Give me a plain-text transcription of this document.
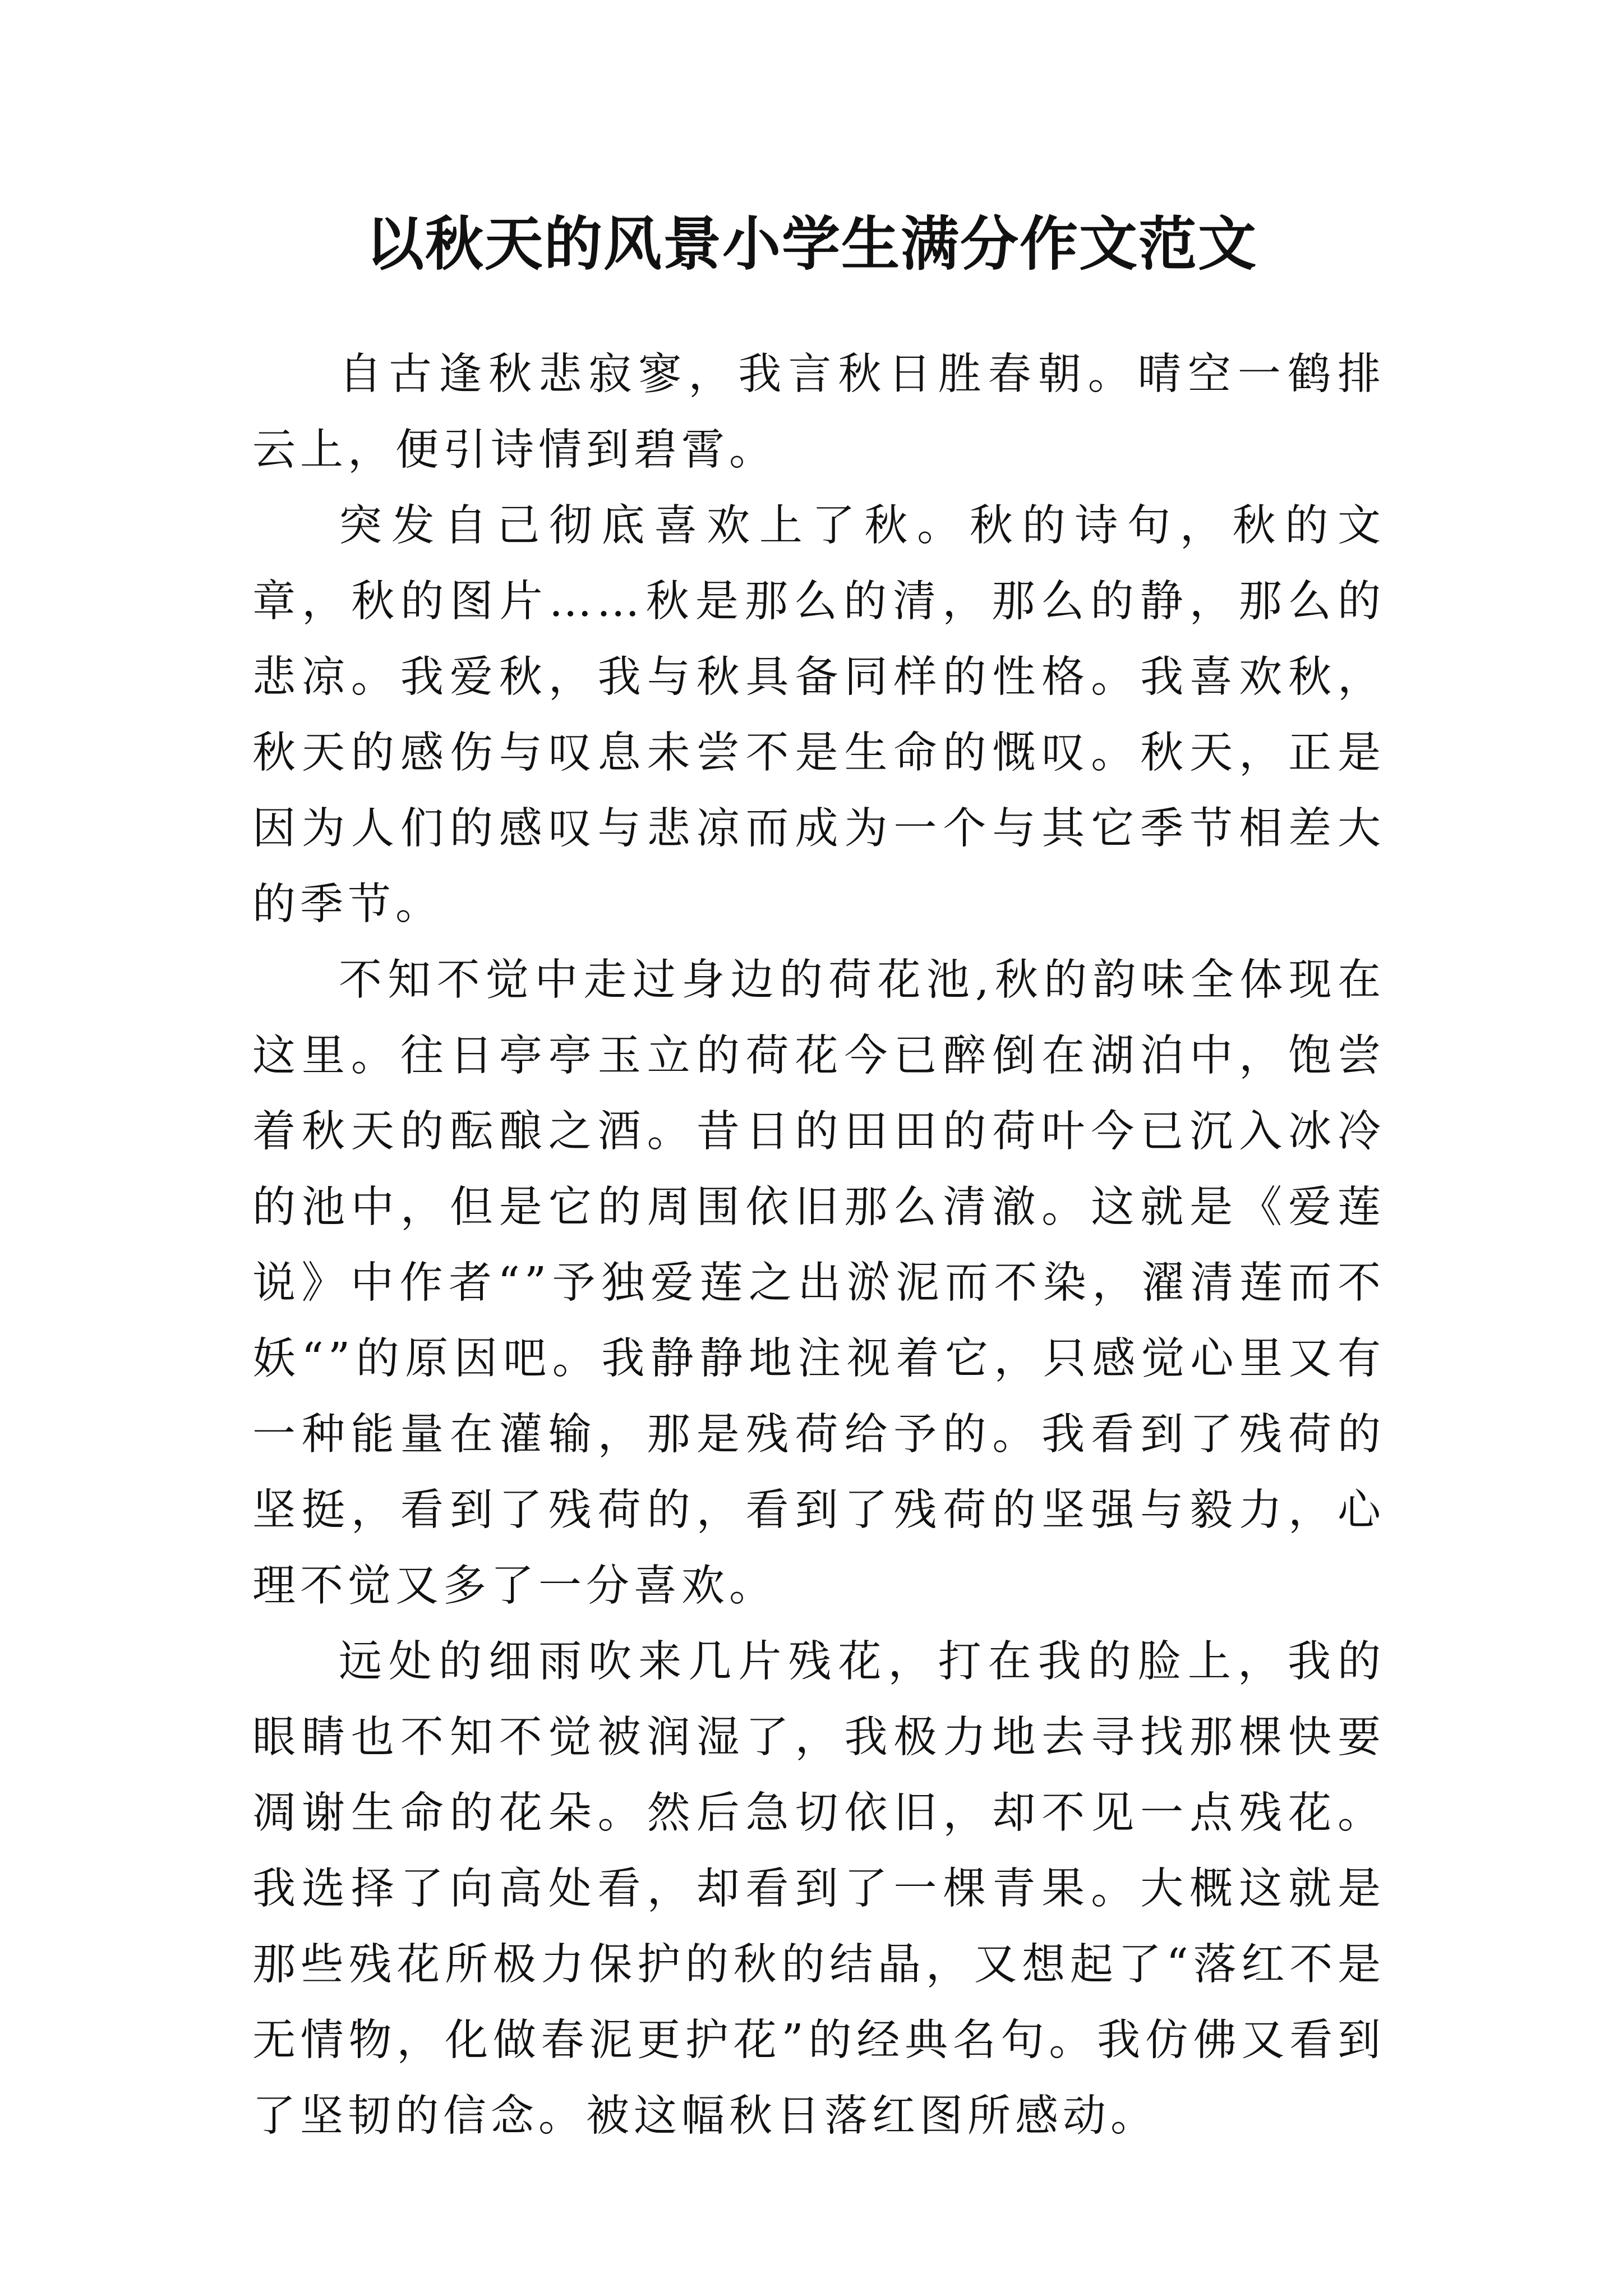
以秋天的风景小学生满分作文范文

自古逢秋悲寂寥，我言秋日胜春朝。晴空一鹤排云上，便引诗情到碧霄。

突发自己彻底喜欢上了秋。秋的诗句，秋的文章，秋的图片……秋是那么的清，那么的静，那么的悲凉。我爱秋，我与秋具备同样的性格。我喜欢秋，秋天的感伤与叹息未尝不是生命的慨叹。秋天，正是因为人们的感叹与悲凉而成为一个与其它季节相差大的季节。

不知不觉中走过身边的荷花池,秋的韵味全体现在这里。往日亭亭玉立的荷花今已醉倒在湖泊中，饱尝着秋天的酝酿之酒。昔日的田田的荷叶今已沉入冰冷的池中，但是它的周围依旧那么清澈。这就是《爱莲说》中作者“”予独爱莲之出淤泥而不染，濯清莲而不妖“”的原因吧。我静静地注视着它，只感觉心里又有一种能量在灌输，那是残荷给予的。我看到了残荷的坚挺，看到了残荷的，看到了残荷的坚强与毅力，心理不觉又多了一分喜欢。

远处的细雨吹来几片残花，打在我的脸上，我的眼睛也不知不觉被润湿了，我极力地去寻找那棵快要凋谢生命的花朵。然后急切依旧，却不见一点残花。我选择了向高处看，却看到了一棵青果。大概这就是那些残花所极力保护的秋的结晶，又想起了“落红不是无情物，化做春泥更护花”的经典名句。我仿佛又看到了坚韧的信念。被这幅秋日落红图所感动。
